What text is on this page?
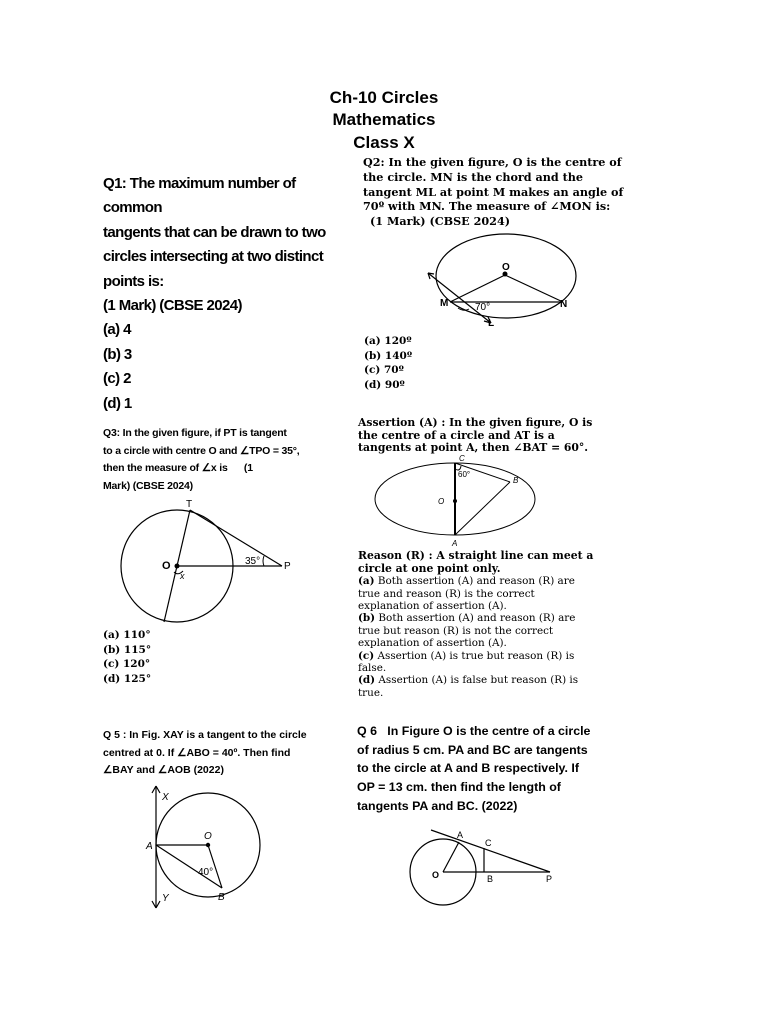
Ch-10 Circles
Mathematics
Class X
Q1: The maximum number of common
tangents that can be drawn to two
circles intersecting at two distinct
points is:
(1 Mark) (CBSE 2024)
(a) 4
(b) 3
(c) 2
(d) 1
Q2: In the given figure, O is the centre of
the circle. MN is the chord and the
tangent ML at point M makes an angle of
70º with MN. The measure of ∠MON is:
(1 Mark) (CBSE 2024)
O
M	N
70°
L
(a) 120º
(b) 140º
(c) 70º
(d) 90º
Q3: In the given figure, if PT is tangent
to a circle with centre O and ∠TPO = 35°,
then the measure of ∠x is      (1
Mark) (CBSE 2024)
T
O
x
35° P
(a) 110°
(b) 115°
(c) 120°
(d) 125°
Assertion (A) : In the given figure, O is
the centre of a circle and AT is a
tangents at point A, then ∠BAT = 60°.
C
60°
B
O
A
Reason (R) : A straight line can meet a
circle at one point only.
(a) Both assertion (A) and reason (R) are
true and reason (R) is the correct
explanation of assertion (A).
(b) Both assertion (A) and reason (R) are
true but reason (R) is not the correct
explanation of assertion (A).
(c) Assertion (A) is true but reason (R) is
false.
(d) Assertion (A) is false but reason (R) is
true.
Q 5 : In Fig. XAY is a tangent to the circle
centred at 0. If ∠ABO = 40º. Then find
∠BAY and ∠AOB (2022)
X
A
O
40°
B
Y
Q 6   In Figure O is the centre of a circle
of radius 5 cm. PA and BC are tangents
to the circle at A and B respectively. If
OP = 13 cm. then find the length of
tangents PA and BC. (2022)
A
C
O	B	P
